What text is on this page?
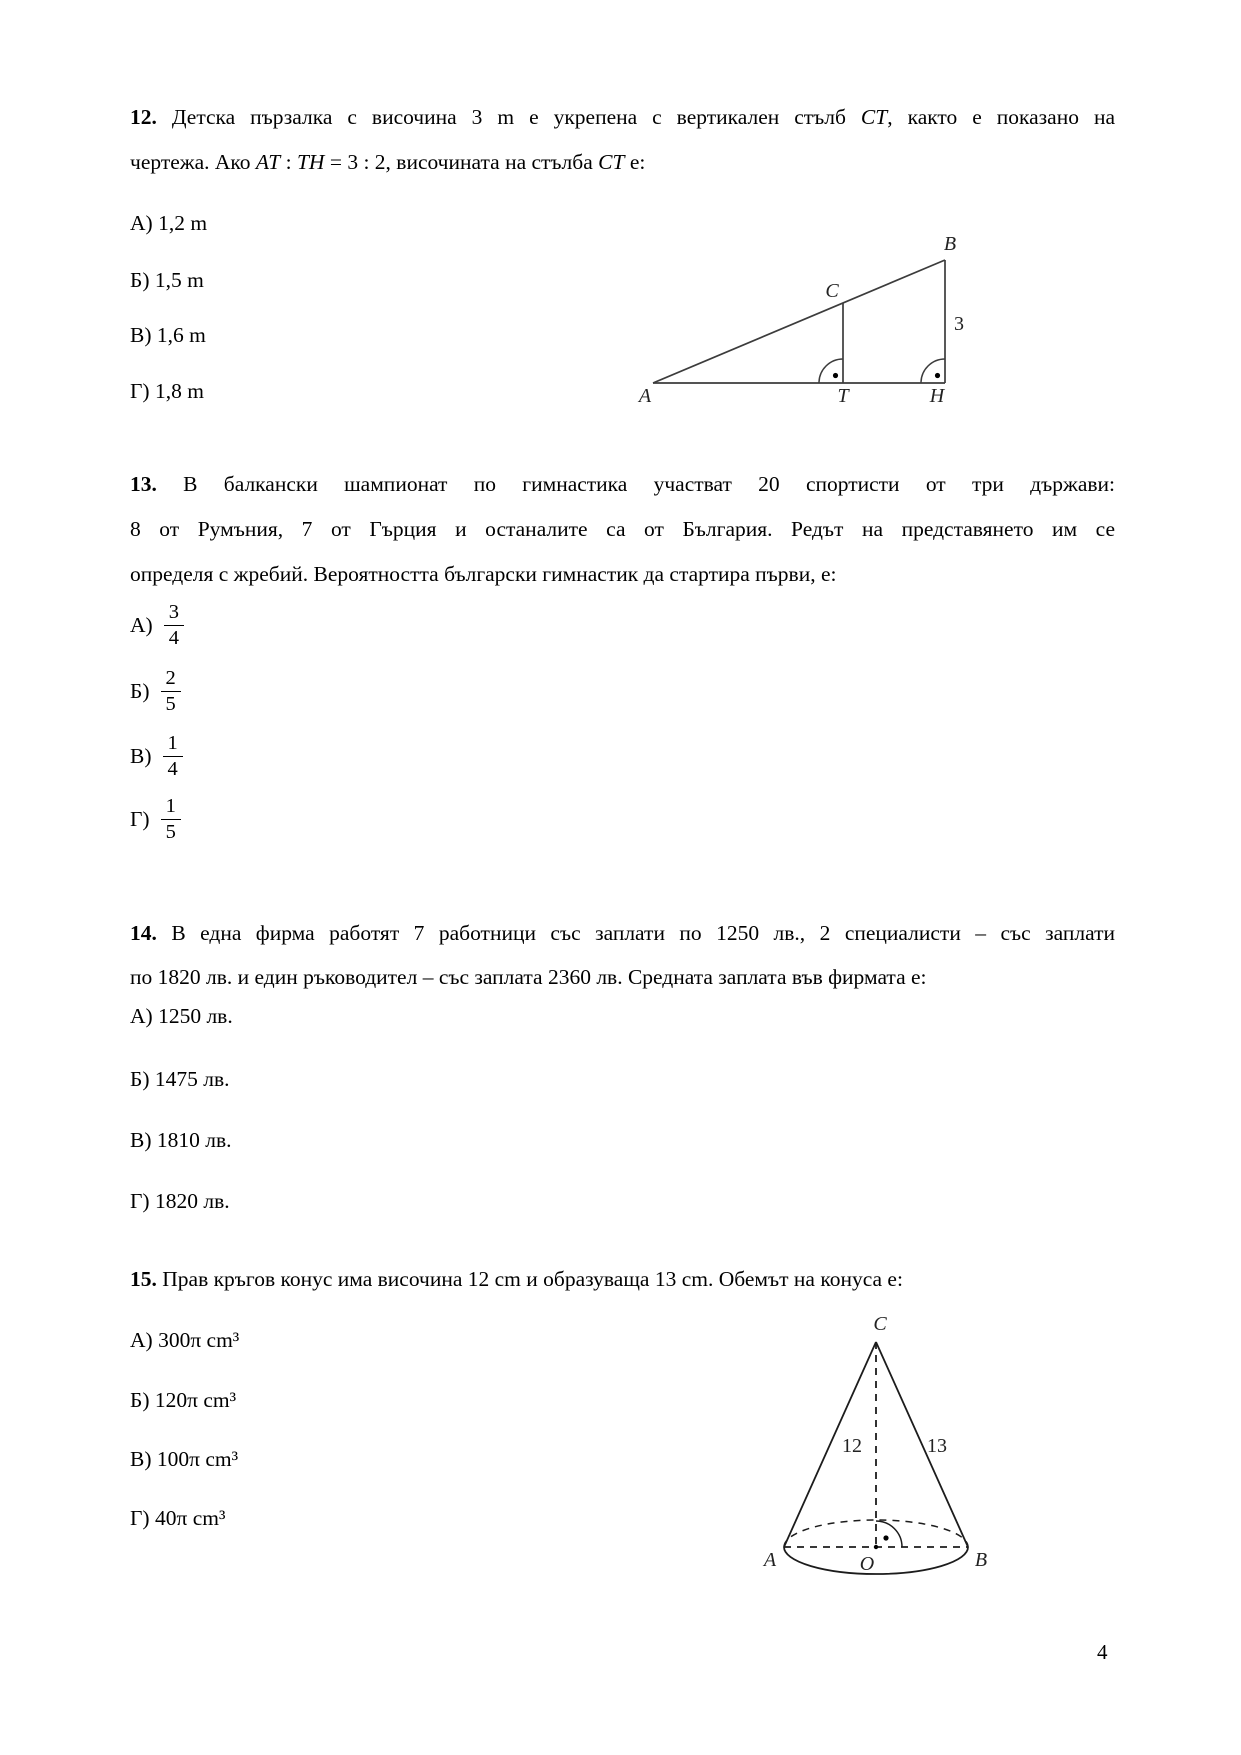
12. Детска пързалка с височина 3 m е укрепена с вертикален стълб CT, както е показано на
чертежа. Ако AT : TH = 3 : 2, височината на стълба CT е:
А) 1,2 m
Б) 1,5 m
В) 1,6 m
Г) 1,8 m	A	T	H
B
C
3
13. В балкански шампионат по гимнастика участват 20 спортисти от три държави:
8 от Румъния, 7 от Гърция и останалите са от България. Редът на представянето им се
определя с жребий. Вероятността български гимнастик да стартира първи, е:
$А) \frac{3}{4}$
$Б) \frac{2}{5}$
$В) \frac{1}{4}$
$Г) \frac{1}{5}$
14. В една фирма работят 7 работници със заплати по 1250 лв., 2 специалисти – със заплати
по 1820 лв. и един ръководител – със заплата 2360 лв. Средната заплата във фирмата е:
А) 1250 лв.
Б) 1475 лв.
В) 1810 лв.
Г) 1820 лв.
15. Прав кръгов конус има височина 12 cm и образуваща 13 cm. Обемът на конуса е:
А) 300π cm³
Б) 120π cm³
В) 100π cm³
Г) 40π cm³
C
12	13
A	O	B
4
